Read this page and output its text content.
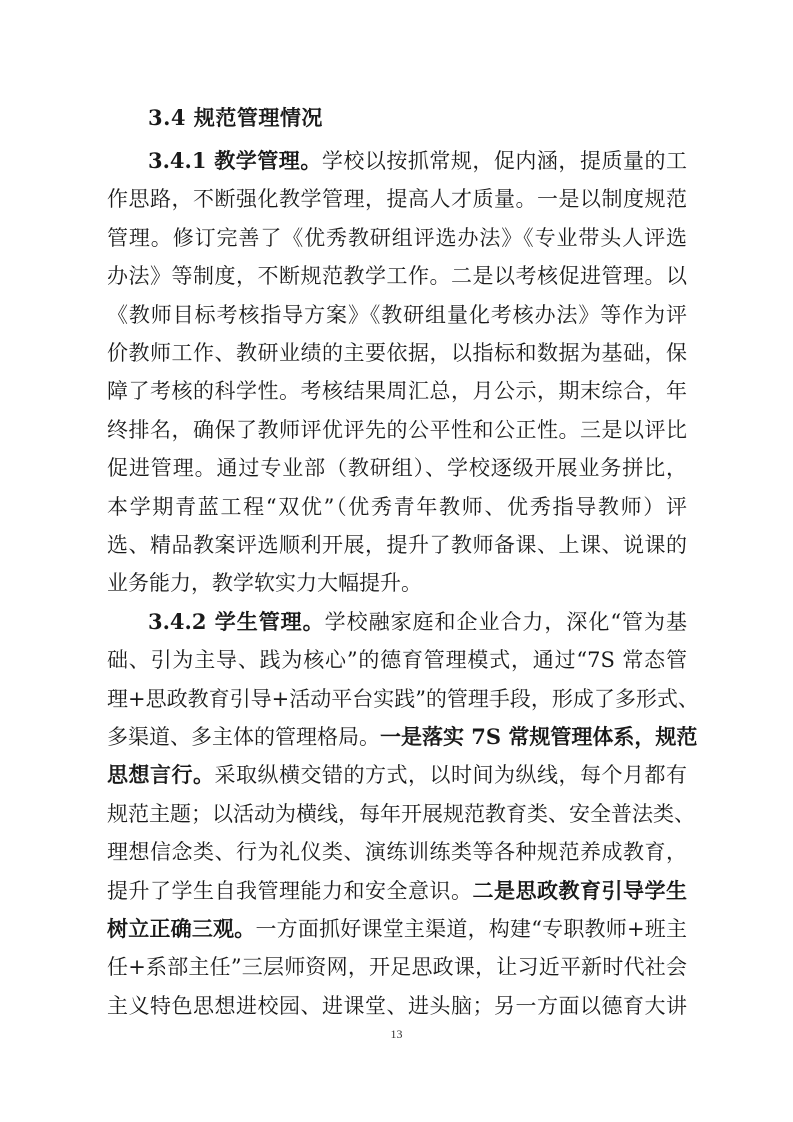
3.4 规范管理情况
3.4.1 教学管理。学校以按抓常规，促内涵，提质量的工
作思路，不断强化教学管理，提高人才质量。一是以制度规范
管理。修订完善了《优秀教研组评选办法》《专业带头人评选
办法》等制度，不断规范教学工作。二是以考核促进管理。以
《教师目标考核指导方案》《教研组量化考核办法》等作为评
价教师工作、教研业绩的主要依据，以指标和数据为基础，保
障了考核的科学性。考核结果周汇总，月公示，期末综合，年
终排名，确保了教师评优评先的公平性和公正性。三是以评比
促进管理。通过专业部（教研组）、学校逐级开展业务拼比，
本学期青蓝工程“双优”（优秀青年教师、优秀指导教师）评
选、精品教案评选顺利开展，提升了教师备课、上课、说课的
业务能力，教学软实力大幅提升。
3.4.2 学生管理。学校融家庭和企业合力，深化“管为基
础、引为主导、践为核心”的德育管理模式，通过“7S 常态管
理+思政教育引导+活动平台实践”的管理手段，形成了多形式、
多渠道、多主体的管理格局。一是落实 7S 常规管理体系，规范
思想言行。采取纵横交错的方式，以时间为纵线，每个月都有
规范主题；以活动为横线，每年开展规范教育类、安全普法类、
理想信念类、行为礼仪类、演练训练类等各种规范养成教育，
提升了学生自我管理能力和安全意识。二是思政教育引导学生
树立正确三观。一方面抓好课堂主渠道，构建“专职教师+班主
任+系部主任”三层师资网，开足思政课，让习近平新时代社会
主义特色思想进校园、进课堂、进头脑；另一方面以德育大讲
13
